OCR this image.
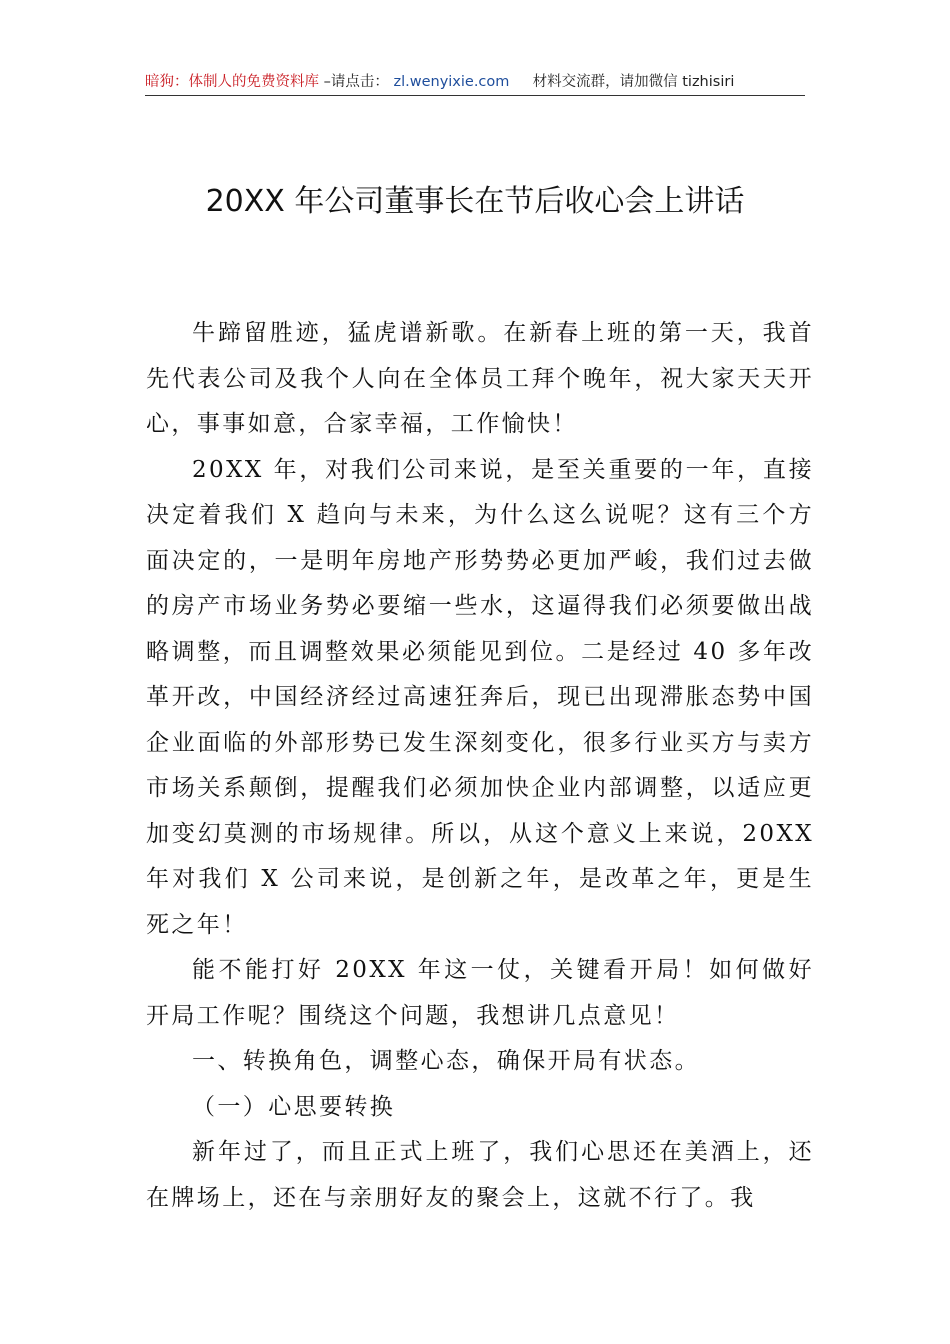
暗狗：体制人的免费资料库 –请点击： zl.wenyixie.com 材料交流群，请加微信 tizhisiri
20XX 年公司董事长在节后收心会上讲话

牛蹄留胜迹，猛虎谱新歌。在新春上班的第一天，我首先代表公司及我个人向在全体员工拜个晚年，祝大家天天开心，事事如意，合家幸福，工作愉快！

20XX 年，对我们公司来说，是至关重要的一年，直接决定着我们 X 趋向与未来，为什么这么说呢？这有三个方面决定的，一是明年房地产形势势必更加严峻，我们过去做的房产市场业务势必要缩一些水，这逼得我们必须要做出战略调整，而且调整效果必须能见到位。二是经过 40 多年改革开改，中国经济经过高速狂奔后，现已出现滞胀态势中国企业面临的外部形势已发生深刻变化，很多行业买方与卖方市场关系颠倒，提醒我们必须加快企业内部调整，以适应更加变幻莫测的市场规律。所以，从这个意义上来说，20XX 年对我们 X 公司来说，是创新之年，是改革之年，更是生死之年！

能不能打好 20XX 年这一仗，关键看开局！如何做好开局工作呢？围绕这个问题，我想讲几点意见！

一、转换角色，调整心态，确保开局有状态。

（一）心思要转换

新年过了，而且正式上班了，我们心思还在美酒上，还在牌场上，还在与亲朋好友的聚会上，这就不行了。我
